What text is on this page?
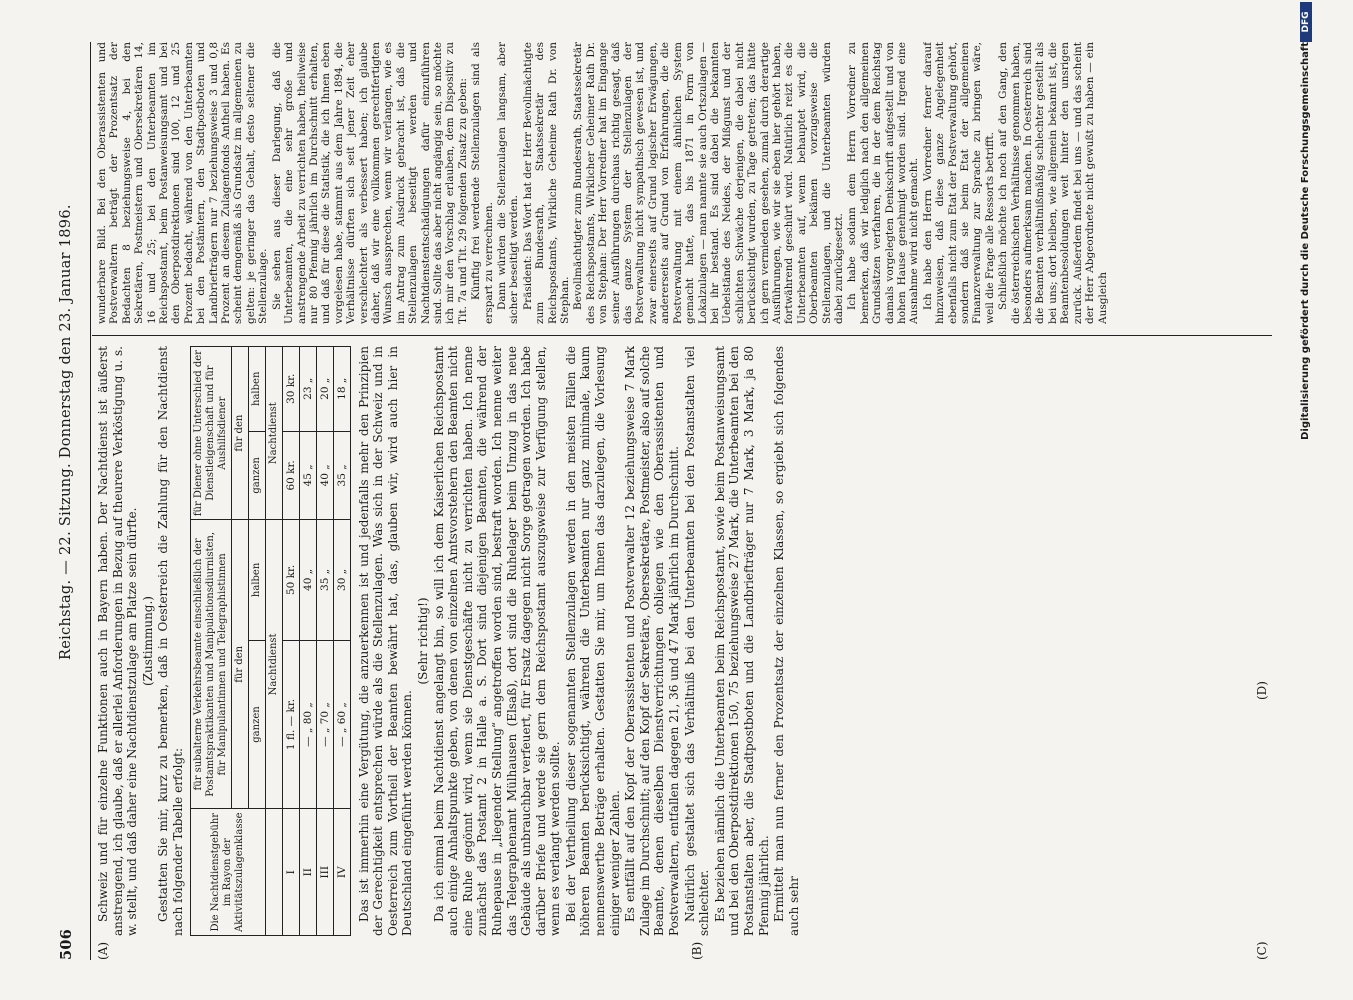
506
Reichstag. — 22. Sitzung. Donnerstag den 23. Januar 1896.
(A)	(B)	(C)
(D)

Schweiz und für einzelne Funktionen auch in Bayern haben. Der Nachtdienst ist äußerst anstrengend, ich glaube, daß er allerlei Anforderungen in Bezug auf theurere Verköstigung u. s. w. stellt, und daß daher eine Nachtdienstzulage am Platze sein dürfte. (Zustimmung.) Gestatten Sie mir, kurz zu bemerken, daß in Oesterreich die Zahlung für den Nachtdienst nach folgender Tabelle erfolgt: Die Nachtdienstgebühr im Rayon der Aktivitätszulagenklasse	für subalterne Verkehrsbeamte einschließlich der Postamtspraktikanten und Manipulationsdiurnisten, für Manipulantinnen und Telegraphistinnen		für Diener ohne Unterschied der Dienstleigenschaft und für Aushilfsdiener	
	für den		für den	
	ganzen	halben	ganzen	halben
	Nachtdienst		Nachtdienst	
I	1 fl. — kr.	50 kr.	60 kr.	30 kr.
II	— „ 80 „	40 „	45 „	23 „
III	— „ 70 „	35 „	40 „	20 „
IV	— „ 60 „	30 „	35 „	18 „ Das ist immerhin eine Vergütung, die anzuerkennen ist und jedenfalls mehr den Prinzipien der Gerechtigkeit entsprechen würde als die Stellenzulagen. Was sich in der Schweiz und in Oesterreich zum Vortheil der Beamten bewährt hat, das, glauben wir, wird auch hier in Deutschland eingeführt werden können.

(Sehr richtig!) Da ich einmal beim Nachtdienst angelangt bin, so will ich dem Kaiserlichen Reichspostamt auch einige Anhaltspunkte geben, von denen von einzelnen Amtsvorstehern den Beamten nicht eine Ruhe gegönnt wird, wenn sie Dienstgeschäfte nicht zu verrichten haben. Ich nenne zunächst das Postamt 2 in Halle a. S. Dort sind diejenigen Beamten, die während der Ruhepause in „liegender Stellung“ angetroffen worden sind, bestraft worden. Ich nenne weiter das Telegraphenamt Mülhausen (Elsaß), dort sind die Ruhelager beim Umzug in das neue Gebäude als unbrauchbar verfeuert, für Ersatz dagegen nicht Sorge getragen worden. Ich habe darüber Briefe und werde sie gern dem Reichspostamt auszugsweise zur Verfügung stellen, wenn es verlangt werden sollte. Bei der Vertheilung dieser sogenannten Stellenzulagen werden in den meisten Fällen die höheren Beamten berücksichtigt, während die Unterbeamten nur ganz minimale, kaum nennenswerthe Beträge erhalten. Gestatten Sie mir, um Ihnen das darzulegen, die Vorlesung einiger weniger Zahlen. Es entfällt auf den Kopf der Oberassistenten und Postverwalter 12 beziehungsweise 7 Mark Zulage im Durchschnitt; auf den Kopf der Sekretäre, Obersekretäre, Postmeister, also auf solche Beamte, denen dieselben Dienstverrichtungen obliegen wie den Oberassistenten und Postverwaltern, entfallen dagegen 21, 36 und 47 Mark jährlich im Durchschnitt. Natürlich gestaltet sich das Verhältniß bei den Unterbeamten bei den Postanstalten viel schlechter. Es beziehen nämlich die Unterbeamten beim Reichspostamt, sowie beim Postanweisungsamt und bei den Oberpostdirektionen 150, 75 beziehungsweise 27 Mark, die Unterbeamten bei den Postanstalten aber, die Stadtpostboten und die Landbriefträger nur 7 Mark, 3 Mark, ja 80 Pfennig jährlich. Ermittelt man nun ferner den Prozentsatz der einzelnen Klassen, so ergiebt sich folgendes auch sehr

wunderbare Bild. Bei den Oberassistenten und Postverwaltern beträgt der Prozentsatz der Bedachten 8 beziehungsweise 4, bei den Sekretären, Postmeistern und Obersekretären 14, 16 und 25; bei den Unterbeamten im Reichspostamt, beim Postanweisungsamt und bei den Oberpostdirektionen sind 100, 12 und 25 Prozent bedacht, während von den Unterbeamten bei den Postämtern, den Stadtpostboten und Landbriefträgern nur 7 beziehungsweise 3 und 0,8 Prozent an diesem Zulagenfonds Antheil haben. Es scheint demgemäß als Grundsatz im allgemeinen zu gelten: je geringer das Gehalt, desto seltener die Stellenzulage. Sie sehen aus dieser Darlegung, daß die Unterbeamten, die eine sehr große und anstrengende Arbeit zu verrichten haben, theilweise nur 80 Pfennig jährlich im Durchschnitt erhalten, und daß für diese die Statistik, die ich Ihnen eben vorgelesen habe, stammt aus dem Jahre 1894, die Verhältnisse dürften sich seit jener Zeit eher verschlechtert als verbessert haben; ich glaube daher, daß wir eine vollkommen gerechtfertigten Wunsch aussprechen, wenn wir verlangen, wie es im Antrag zum Ausdruck gebracht ist, daß die Stellenzulagen beseitigt werden und Nachtdienstentschädigungen dafür einzuführen sind. Sollte das aber nicht angängig sein, so möchte ich mir den Vorschlag erlauben, dem Dispositiv zu Tit. 7a und Tit. 29 folgenden Zusatz zu geben: Künftig frei werdende Stellenzulagen sind als erspart zu verrechnen. Dann würden die Stellenzulagen langsam, aber sicher beseitigt werden. Präsident: Das Wort hat der Herr Bevollmächtigte zum Bundesrath, Staatssekretär des Reichspostamts, Wirkliche Geheime Rath Dr. von Stephan. Bevollmächtigter zum Bundesrath, Staatssekretär des Reichspostamts, Wirklicher Geheimer Rath Dr. von Stephan: Der Herr Vorredner hat im Eingange seiner Ausführungen durchaus richtig gesagt, daß das ganze System der Stellenzulagen der Postverwaltung nicht sympathisch gewesen ist, und zwar einerseits auf Grund logischer Erwägungen, andererseits auf Grund von Erfahrungen, die die Postverwaltung mit einem ähnlichen System gemacht hatte, das bis 1871 in Form von Lokalzulagen — man nannte sie auch Ortszulagen — bei ihr bestand. Es sind dabei die bekannten Uebelstände des Neides, der Mißgunst und der schlichten Schwäche derjenigen, die dabei nicht berücksichtigt wurden, zu Tage getreten; das hätte ich gern vermieden gesehen, zumal durch derartige Ausführungen, wie wir sie eben hier gehört haben, fortwährend geschürt wird. Natürlich reizt es die Unterbeamten auf, wenn behauptet wird, die Oberbeamten bekämen vorzugsweise die Stellenzulagen, und die Unterbeamten würden dabei zurückgesetzt. Ich habe sodann dem Herrn Vorredner zu bemerken, daß wir lediglich nach den allgemeinen Grundsätzen verfahren, die in der dem Reichstag damals vorgelegten Denkschrift aufgestellt und von hohen Hause genehmigt worden sind. Irgend eine Ausnahme wird nicht gemacht. Ich habe den Herrn Vorredner ferner darauf hinzuweisen, daß diese ganze Angelegenheit ebenfalls nicht zum Etat der Postverwaltung gehört, sondern daß sie beim Etat der allgemeinen Finanzverwaltung zur Sprache zu bringen wäre, weil die Frage alle Ressorts betrifft. Schließlich möchte ich noch auf den Gang, den die österreichischen Verhältnisse genommen haben, besonders aufmerksam machen. In Oesterreich sind die Beamten verhältnißmäßig schlechter gestellt als bei uns; dort bleiben, wie allgemein bekannt ist, die Beamtenbesoldungen weit hinter den unsrigen zurück. Außerdem findet bei uns — und das scheint der Herr Abgeordnete nicht gewußt zu haben — ein Ausgleich	Digitalisierung gefördert durch die Deutsche Forschungsgemeinschaft
DFG
